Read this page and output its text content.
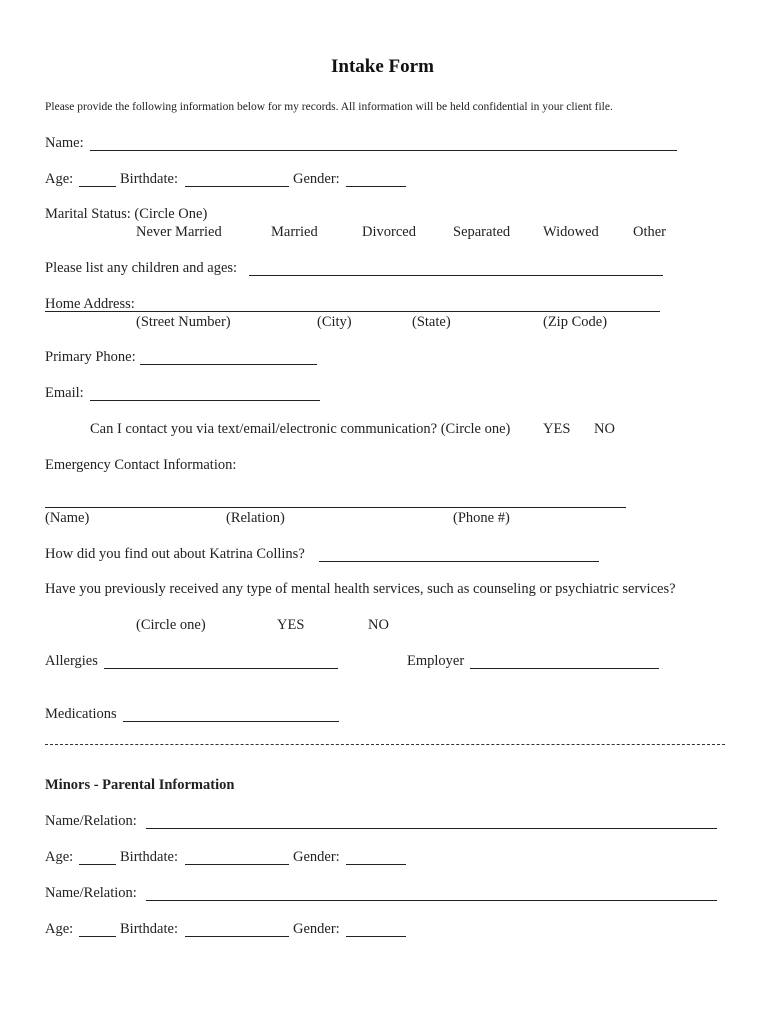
Intake Form
Please provide the following information below for my records. All information will be held confidential in your client file.
Name:
Age:	Birthdate:	Gender:
Marital Status: (Circle One)
Never Married	Married	Divorced	Separated Widowed Other
Please list any children and ages:
Home Address:
(Street Number)	(City)	(State)	(Zip Code)
Primary Phone:
Email:
Can I contact you via text/email/electronic communication? (Circle one) YES NO
Emergency Contact Information:
(Name)	(Relation)	(Phone #)
How did you find out about Katrina Collins?
Have you previously received any type of mental health services, such as counseling or psychiatric services?
(Circle one)	YES	NO
Allergies	Employer
Medications
Minors - Parental Information
Name/Relation:
Age:	Birthdate:	Gender:
Name/Relation:
Age:	Birthdate:	Gender:
